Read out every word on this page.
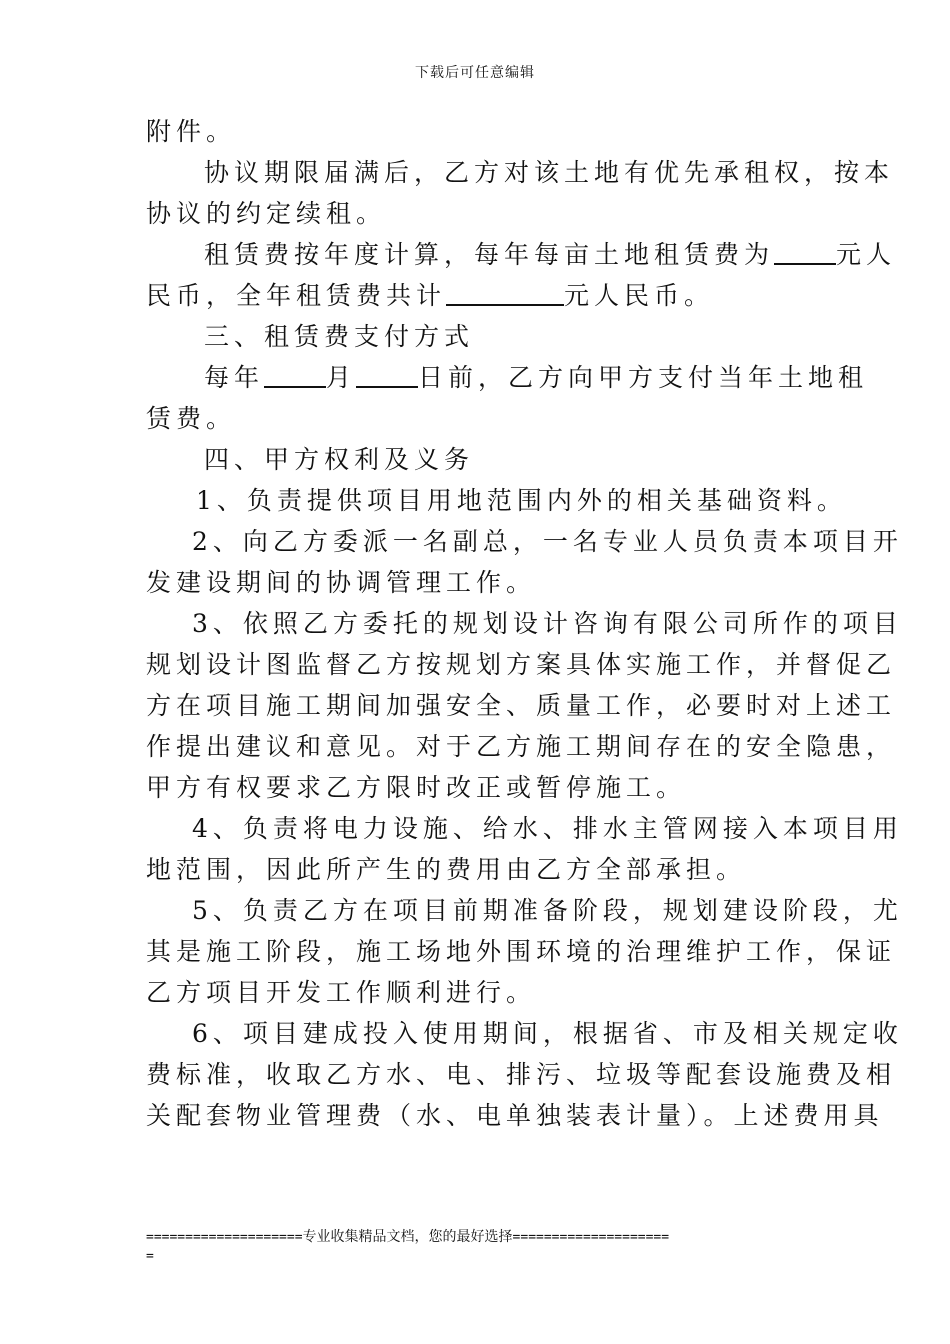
下载后可任意编辑
附件。
协议期限届满后，乙方对该土地有优先承租权，按本
协议的约定续租。
租赁费按年度计算，每年每亩土地租赁费为 元人
民币，全年租赁费共计	元人民币。
三、租赁费支付方式
每年 月 日前，乙方向甲方支付当年土地租
赁费。
四、甲方权利及义务
1、负责提供项目用地范围内外的相关基础资料。
2、向乙方委派一名副总，一名专业人员负责本项目开
发建设期间的协调管理工作。
3、依照乙方委托的规划设计咨询有限公司所作的项目
规划设计图监督乙方按规划方案具体实施工作，并督促乙
方在项目施工期间加强安全、质量工作，必要时对上述工
作提出建议和意见。对于乙方施工期间存在的安全隐患，
甲方有权要求乙方限时改正或暂停施工。
4、负责将电力设施、给水、排水主管网接入本项目用
地范围，因此所产生的费用由乙方全部承担。
5、负责乙方在项目前期准备阶段，规划建设阶段，尤
其是施工阶段，施工场地外围环境的治理维护工作，保证
乙方项目开发工作顺利进行。
6、项目建成投入使用期间，根据省、市及相关规定收
费标准，收取乙方水、电、排污、垃圾等配套设施费及相
关配套物业管理费（水、电单独装表计量）。上述费用具
====================专业收集精品文档，您的最好选择====================
=
